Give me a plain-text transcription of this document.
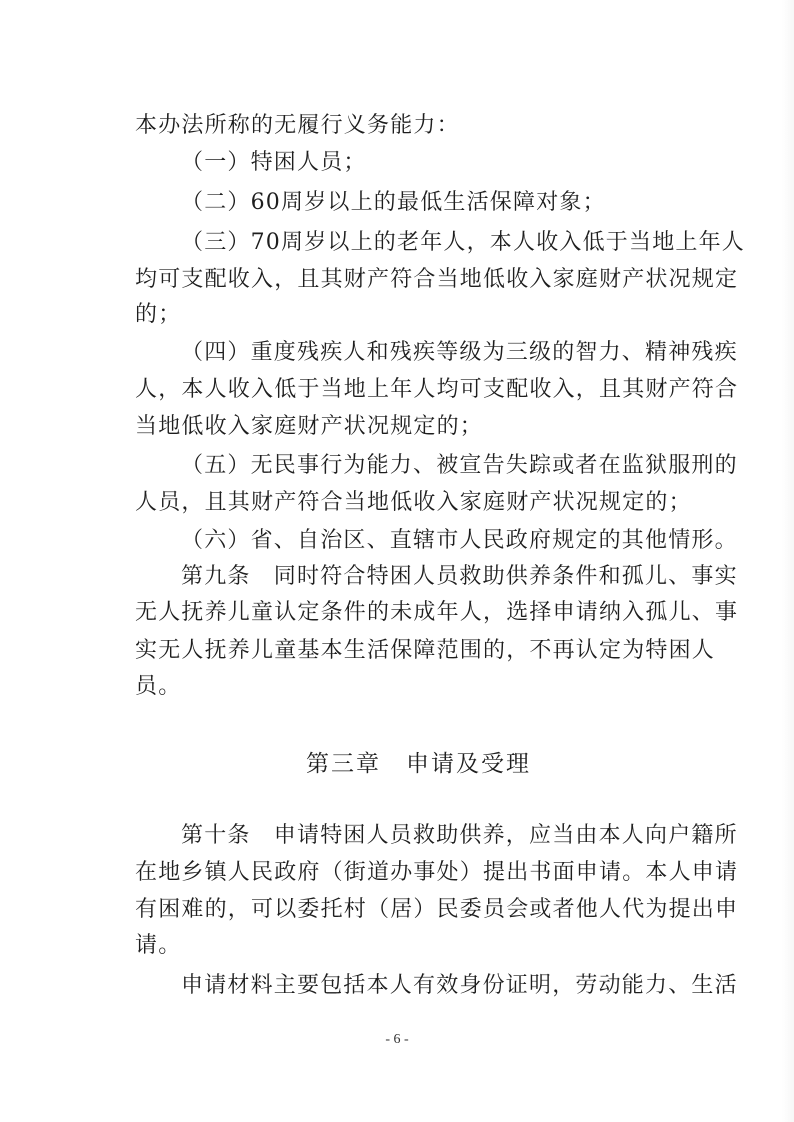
本办法所称的无履行义务能力：
（一）特困人员；
（二）60周岁以上的最低生活保障对象；
（三）70周岁以上的老年人，本人收入低于当地上年人
均可支配收入，且其财产符合当地低收入家庭财产状况规定
的；
（四）重度残疾人和残疾等级为三级的智力、精神残疾
人，本人收入低于当地上年人均可支配收入，且其财产符合
当地低收入家庭财产状况规定的；
（五）无民事行为能力、被宣告失踪或者在监狱服刑的
人员，且其财产符合当地低收入家庭财产状况规定的；
（六）省、自治区、直辖市人民政府规定的其他情形。
第九条　同时符合特困人员救助供养条件和孤儿、事实
无人抚养儿童认定条件的未成年人，选择申请纳入孤儿、事
实无人抚养儿童基本生活保障范围的，不再认定为特困人
员。
第三章　申请及受理
第十条　申请特困人员救助供养，应当由本人向户籍所
在地乡镇人民政府（街道办事处）提出书面申请。本人申请
有困难的，可以委托村（居）民委员会或者他人代为提出申
请。
申请材料主要包括本人有效身份证明，劳动能力、生活
- 6 -
